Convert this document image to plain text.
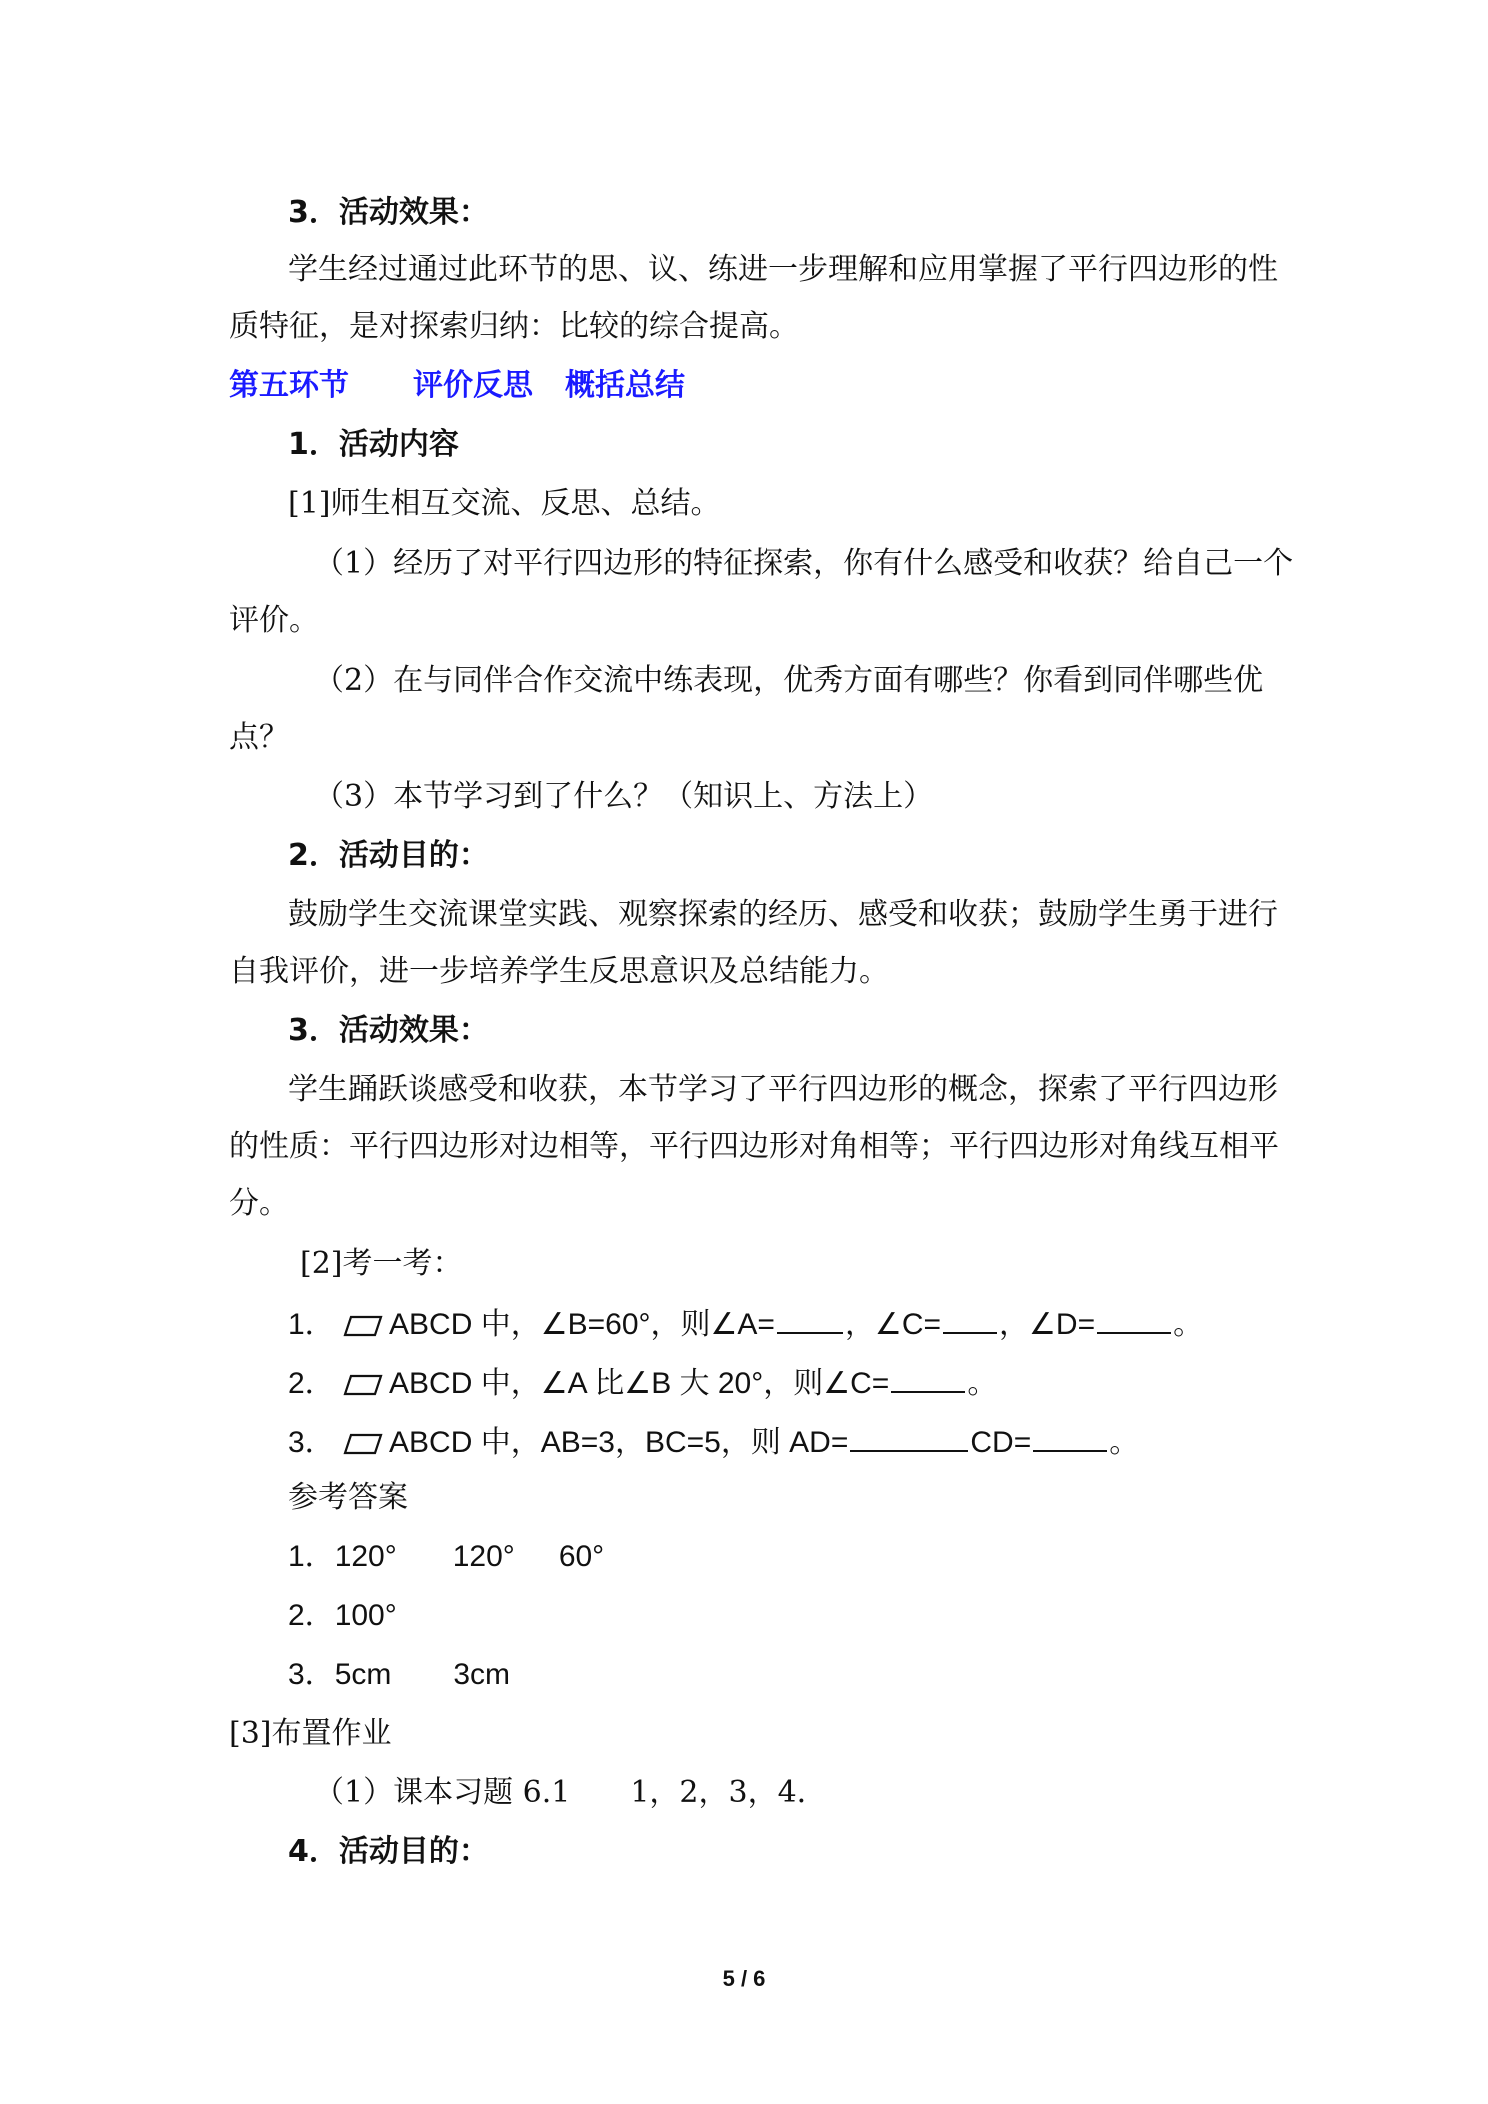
3．活动效果：
学生经过通过此环节的思、议、练进一步理解和应用掌握了平行四边形的性
质特征，是对探索归纳：比较的综合提高。
第五环节 评价反思 概括总结
1．活动内容
[1]师生相互交流、反思、总结。
（1）经历了对平行四边形的特征探索，你有什么感受和收获？给自己一个
评价。
（2）在与同伴合作交流中练表现，优秀方面有哪些？你看到同伴哪些优
点？
（3）本节学习到了什么？（知识上、方法上）
2．活动目的：
鼓励学生交流课堂实践、观察探索的经历、感受和收获；鼓励学生勇于进行
自我评价，进一步培养学生反思意识及总结能力。
3．活动效果：
学生踊跃谈感受和收获，本节学习了平行四边形的概念，探索了平行四边形
的性质：平行四边形对边相等，平行四边形对角相等；平行四边形对角线互相平
分。
[2]考一考：
1． ABCD 中，∠B=60°，则∠A= ，∠C= ，∠D=	。
2． ABCD 中，∠A 比∠B 大 20°，则∠C=	。
3． ABCD 中，AB=3，BC=5，则 AD=	CD=	。
参考答案
1．120° 120° 60°
2．100°
3．5cm 3cm
[3]布置作业
（1）课本习题 6.1 1，2，3，4．
4．活动目的：
5 / 6
